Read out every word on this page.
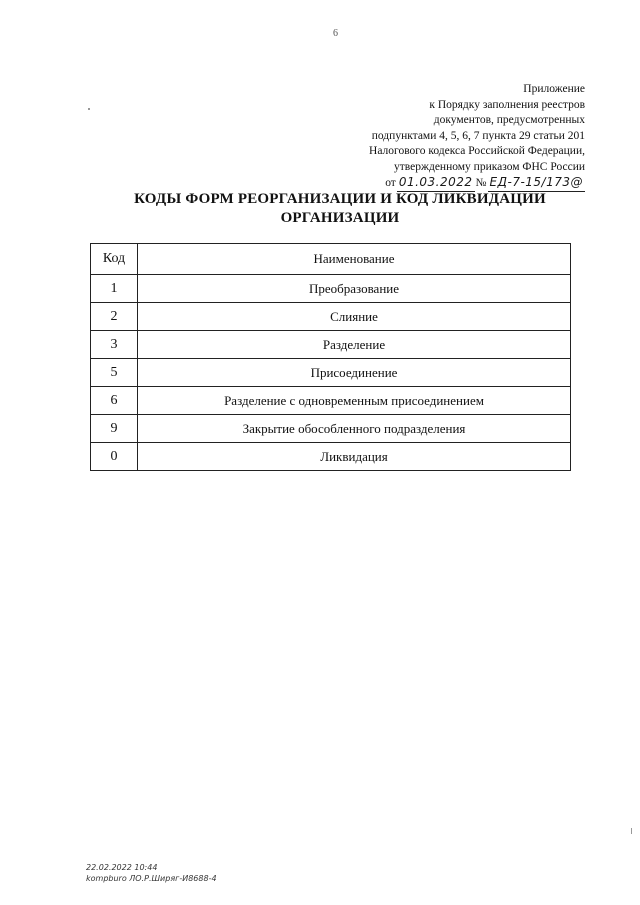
6
Приложение
к Порядку заполнения реестров
документов, предусмотренных
подпунктами 4, 5, 6, 7 пункта 29 статьи 201
Налогового кодекса Российской Федерации,
утвержденному приказом ФНС России
от 01.03.2022 № ЕД-7-15/173@
КОДЫ ФОРМ РЕОРГАНИЗАЦИИ И КОД ЛИКВИДАЦИИ
ОРГАНИЗАЦИИ
Код	Наименование
1	Преобразование
2	Слияние
3	Разделение
5	Присоединение
6	Разделение с одновременным присоединением
9	Закрытие обособленного подразделения
0	Ликвидация
22.02.2022 10:44
kompburo ЛО.Р.Ширяг-И8688-4
